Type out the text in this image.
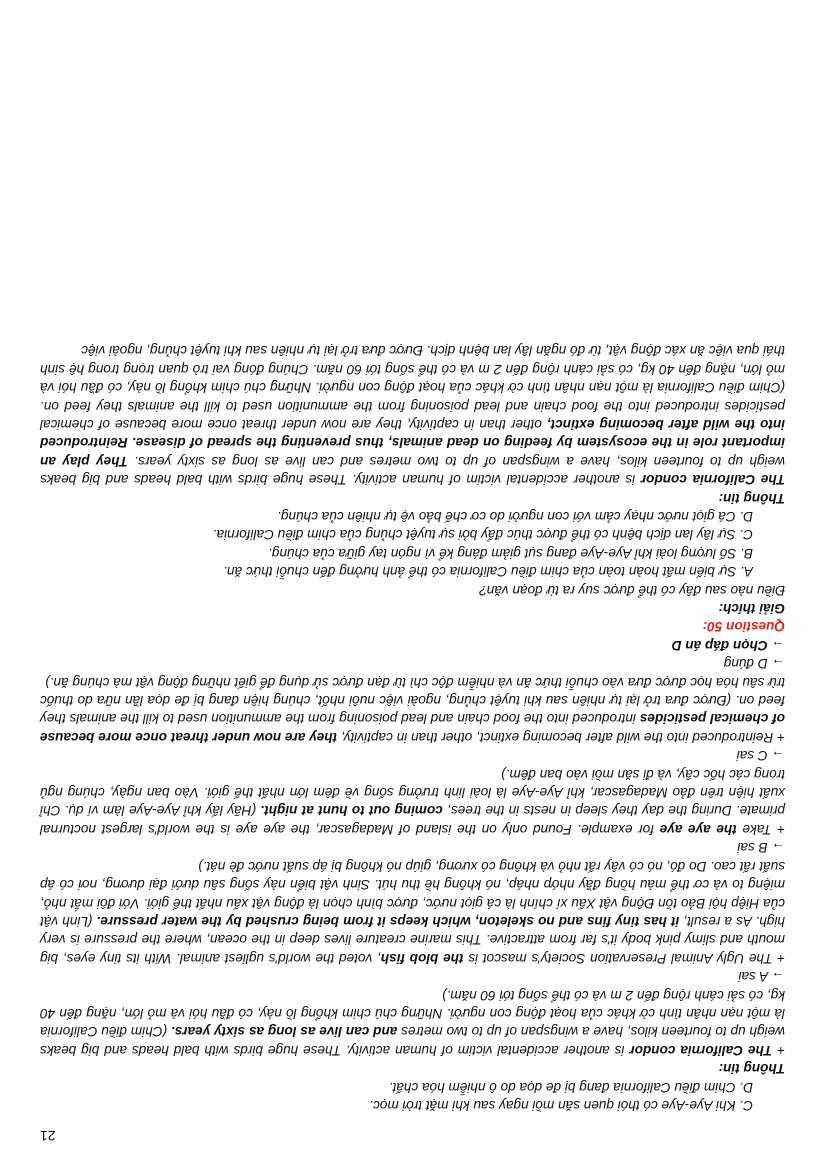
C. Khi Aye-Aye có thói quen săn mồi ngay sau khi mặt trời mọc.

D. Chim điều California đang bị đe dọa do ô nhiễm hóa chất.

Thông tin:

+ The California condor is another accidental victim of human activity. These huge birds with bald heads and big beaks weigh up to fourteen kilos, have a wingspan of up to two metres and can live as long as sixty years. (Chim điều California là một nạn nhân tình cờ khác của hoạt động con người. Những chú chim khổng lồ này, có đầu hói và mỏ lớn, nặng đến 40 kg, có sải cánh rộng đến 2 m và có thể sống tới 60 năm.)

→ A sai

+ The Ugly Animal Preservation Society's mascot is the blob fish, voted the world's ugliest animal. With its tiny eyes, big mouth and slimy pink body it's far from attractive. This marine creature lives deep in the ocean, where the pressure is very high. As a result, it has tiny fins and no skeleton, which keeps it from being crushed by the water pressure. (Linh vật của Hiệp hội Bảo tồn Động vật Xấu xí chính là cá giọt nước, được bình chọn là động vật xấu nhất thế giới. Với đôi mắt nhỏ, miệng to và cơ thể màu hồng đầy nhớp nháp, nó không hề thu hút. Sinh vật biển này sống sâu dưới đại dương, nơi có áp suất rất cao. Do đó, nó có vây rất nhỏ và không có xương, giúp nó không bị áp suất nước đè nát.)

→ B sai

+ Take the aye aye for example. Found only on the island of Madagascar, the aye aye is the world's largest nocturnal primate. During the day they sleep in nests in the trees, coming out to hunt at night. (Hãy lấy khỉ Aye-Aye làm ví dụ. Chỉ xuất hiện trên đảo Madagascar, khỉ Aye-Aye là loài linh trưởng sống về đêm lớn nhất thế giới. Vào ban ngày, chúng ngủ trong các hốc cây, và đi săn mồi vào ban đêm.)

→ C sai

+ Reintroduced into the wild after becoming extinct, other than in captivity, they are now under threat once more because of chemical pesticides introduced into the food chain and lead poisoning from the ammunition used to kill the animals they feed on. (Được đưa trở lại tự nhiên sau khi tuyệt chủng, ngoài việc nuôi nhốt, chúng hiện đang bị đe dọa lần nữa do thuốc trừ sâu hóa học được đưa vào chuỗi thức ăn và nhiễm độc chì từ đạn được sử dụng để giết những động vật mà chúng ăn.)

→ D đúng

→ Chọn đáp án D

Question 50:

Giải thích:

Điều nào sau đây có thể được suy ra từ đoạn văn?

A. Sự biến mất hoàn toàn của chim điều California có thể ảnh hưởng đến chuỗi thức ăn.

B. Số lượng loài khỉ Aye-Aye đang sụt giảm đáng kể vì ngón tay giữa của chúng.

C. Sự lây lan dịch bệnh có thể được thúc đẩy bởi sự tuyệt chủng của chim điều California.

D. Cá giọt nước nhạy cảm với con người do cơ chế bảo vệ tự nhiên của chúng.

Thông tin:

The California condor is another accidental victim of human activity. These huge birds with bald heads and big beaks weigh up to fourteen kilos, have a wingspan of up to two metres and can live as long as sixty years. They play an important role in the ecosystem by feeding on dead animals, thus preventing the spread of disease. Reintroduced into the wild after becoming extinct, other than in captivity, they are now under threat once more because of chemical pesticides introduced into the food chain and lead poisoning from the ammunition used to kill the animals they feed on. (Chim điều California là một nạn nhân tình cờ khác của hoạt động con người. Những chú chim khổng lồ này, có đầu hói và mỏ lớn, nặng đến 40 kg, có sải cánh rộng đến 2 m và có thể sống tới 60 năm. Chúng đóng vai trò quan trọng trong hệ sinh thái qua việc ăn xác động vật, từ đó ngăn lây lan bệnh dịch. Được đưa trở lại tự nhiên sau khi tuyệt chủng, ngoài việc

21
